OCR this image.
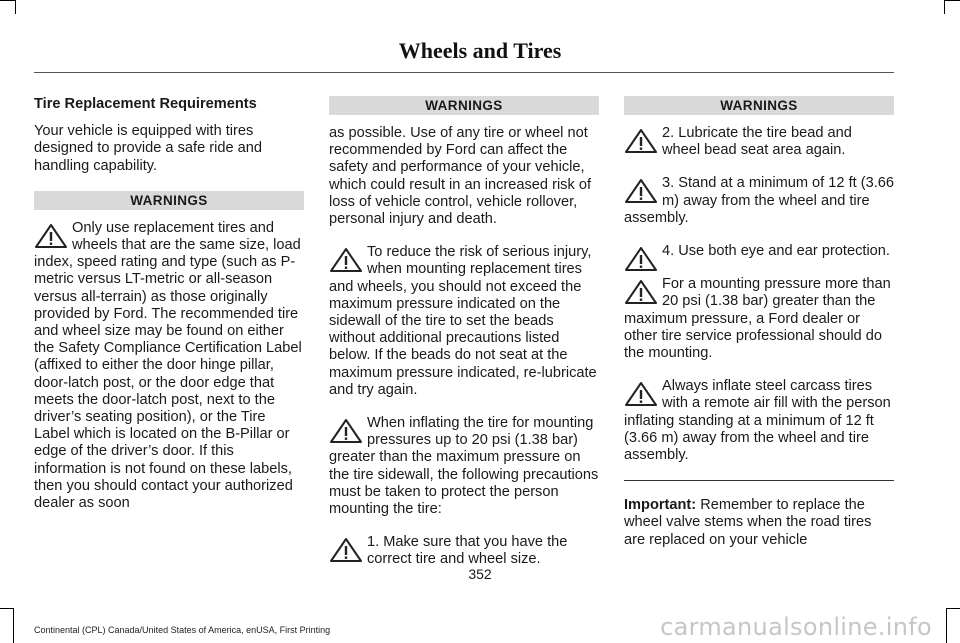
Wheels and Tires

Tire Replacement Requirements

Your vehicle is equipped with tires designed to provide a safe ride and handling capability.

WARNINGS
Only use replacement tires and wheels that are the same size, load index, speed rating and type (such as P-metric versus LT-metric or all-season versus all-terrain) as those originally provided by Ford. The recommended tire and wheel size may be found on either the Safety Compliance Certification Label (affixed to either the door hinge pillar, door-latch post, or the door edge that meets the door-latch post, next to the driver’s seating position), or the Tire Label which is located on the B-Pillar or edge of the driver’s door. If this information is not found on these labels, then you should contact your authorized dealer as soon
WARNINGS

as possible. Use of any tire or wheel not recommended by Ford can affect the safety and performance of your vehicle, which could result in an increased risk of loss of vehicle control, vehicle rollover, personal injury and death.

To reduce the risk of serious injury, when mounting replacement tires and wheels, you should not exceed the maximum pressure indicated on the sidewall of the tire to set the beads without additional precautions listed below. If the beads do not seat at the maximum pressure indicated, re-lubricate and try again.
When inflating the tire for mounting pressures up to 20 psi (1.38 bar) greater than the maximum pressure on the tire sidewall, the following precautions must be taken to protect the person mounting the tire:
1. Make sure that you have the correct tire and wheel size.
WARNINGS
2. Lubricate the tire bead and wheel bead seat area again.
3. Stand at a minimum of 12 ft (3.66 m) away from the wheel and tire assembly.
4. Use both eye and ear protection.
For a mounting pressure more than 20 psi (1.38 bar) greater than the maximum pressure, a Ford dealer or other tire service professional should do the mounting.
Always inflate steel carcass tires with a remote air fill with the person inflating standing at a minimum of 12 ft (3.66 m) away from the wheel and tire assembly.

Important: Remember to replace the wheel valve stems when the road tires are replaced on your vehicle

352
Continental (CPL) Canada/United States of America, enUSA, First Printing	carmanualsonline.info
